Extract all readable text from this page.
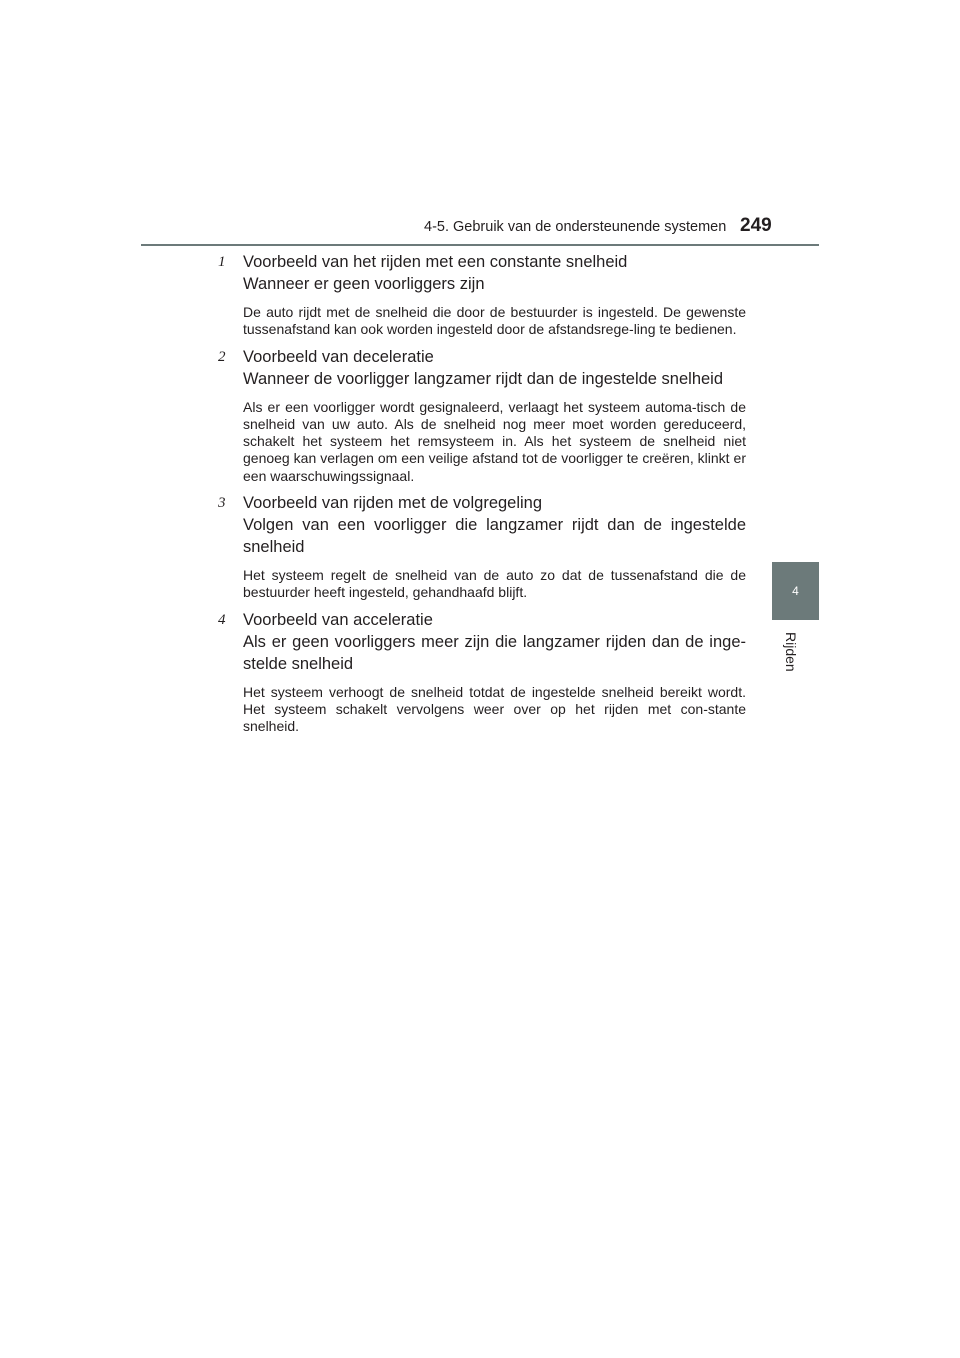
4-5. Gebruik van de ondersteunende systemen 249
4
Rijden
1 Voorbeeld van het rijden met een constante snelheid
Wanneer er geen voorliggers zijn

De auto rijdt met de snelheid die door de bestuurder is ingesteld. De gewenste tussenafstand kan ook worden ingesteld door de afstandsrege-ling te bedienen.

2 Voorbeeld van deceleratie
Wanneer de voorligger langzamer rijdt dan de ingestelde snelheid

Als er een voorligger wordt gesignaleerd, verlaagt het systeem automa-tisch de snelheid van uw auto. Als de snelheid nog meer moet worden gereduceerd, schakelt het systeem het remsysteem in. Als het systeem de snelheid niet genoeg kan verlagen om een veilige afstand tot de voorligger te creëren, klinkt er een waarschuwingssignaal.

3 Voorbeeld van rijden met de volgregeling
Volgen van een voorligger die langzamer rijdt dan de ingestelde snelheid

Het systeem regelt de snelheid van de auto zo dat de tussenafstand die de bestuurder heeft ingesteld, gehandhaafd blijft.

4 Voorbeeld van acceleratie
Als er geen voorliggers meer zijn die langzamer rijden dan de inge-stelde snelheid

Het systeem verhoogt de snelheid totdat de ingestelde snelheid bereikt wordt. Het systeem schakelt vervolgens weer over op het rijden met con-stante snelheid.
